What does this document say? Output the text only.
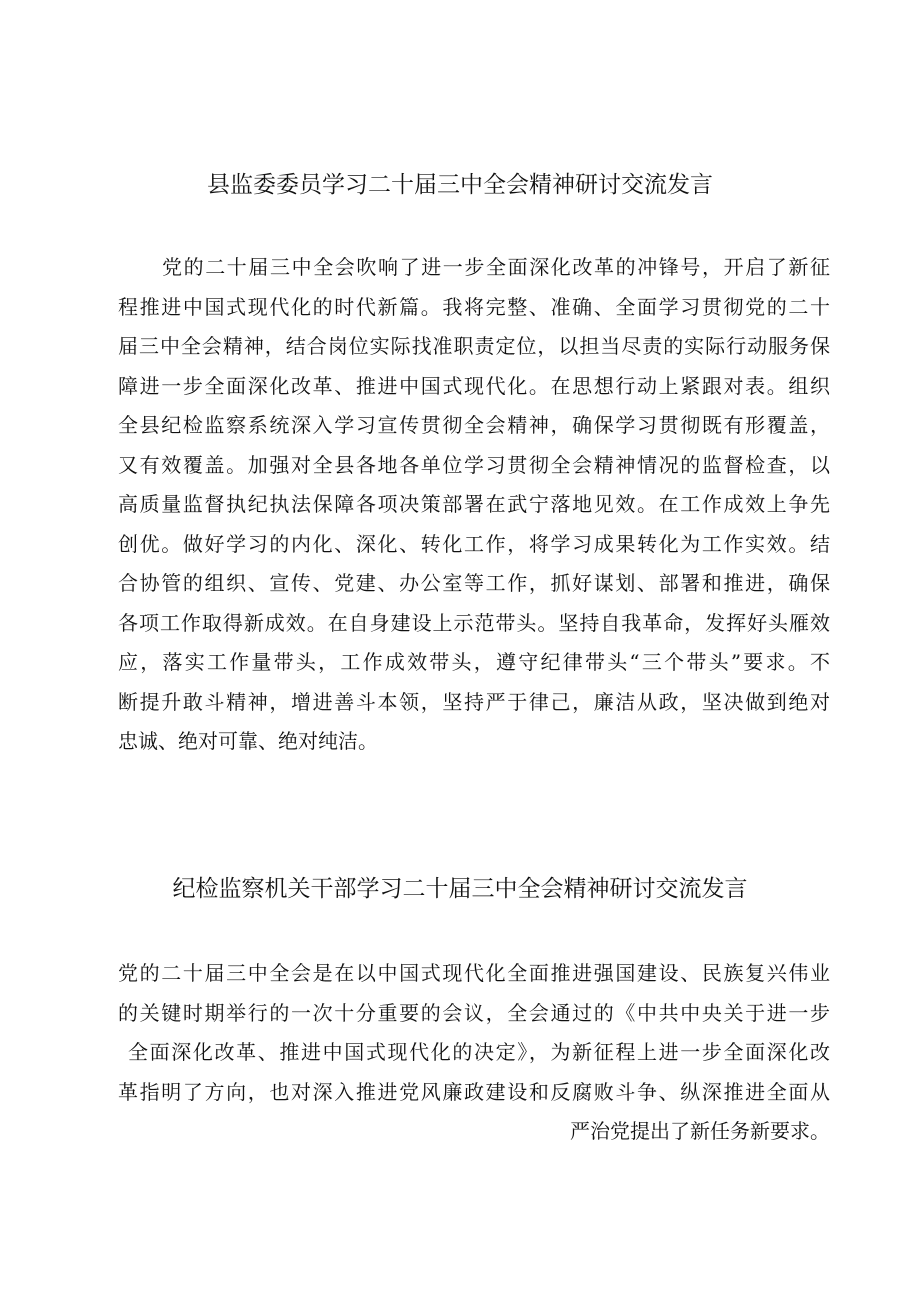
县监委委员学习二十届三中全会精神研讨交流发言
党的二十届三中全会吹响了进一步全面深化改革的冲锋号，开启了新征
程推进中国式现代化的时代新篇。我将完整、准确、全面学习贯彻党的二十
届三中全会精神，结合岗位实际找准职责定位，以担当尽责的实际行动服务保
障进一步全面深化改革、推进中国式现代化。在思想行动上紧跟对表。组织
全县纪检监察系统深入学习宣传贯彻全会精神，确保学习贯彻既有形覆盖，
又有效覆盖。加强对全县各地各单位学习贯彻全会精神情况的监督检查，以
高质量监督执纪执法保障各项决策部署在武宁落地见效。在工作成效上争先
创优。做好学习的内化、深化、转化工作，将学习成果转化为工作实效。结
合协管的组织、宣传、党建、办公室等工作，抓好谋划、部署和推进，确保
各项工作取得新成效。在自身建设上示范带头。坚持自我革命，发挥好头雁效
应，落实工作量带头，工作成效带头，遵守纪律带头“三个带头”要求。不
断提升敢斗精神，增进善斗本领，坚持严于律己，廉洁从政，坚决做到绝对
忠诚、绝对可靠、绝对纯洁。
纪检监察机关干部学习二十届三中全会精神研讨交流发言
党的二十届三中全会是在以中国式现代化全面推进强国建设、民族复兴伟业
的关键时期举行的一次十分重要的会议，全会通过的《中共中央关于进一步
全面深化改革、推进中国式现代化的决定》，为新征程上进一步全面深化改
革指明了方向，也对深入推进党风廉政建设和反腐败斗争、纵深推进全面从
严治党提出了新任务新要求。
